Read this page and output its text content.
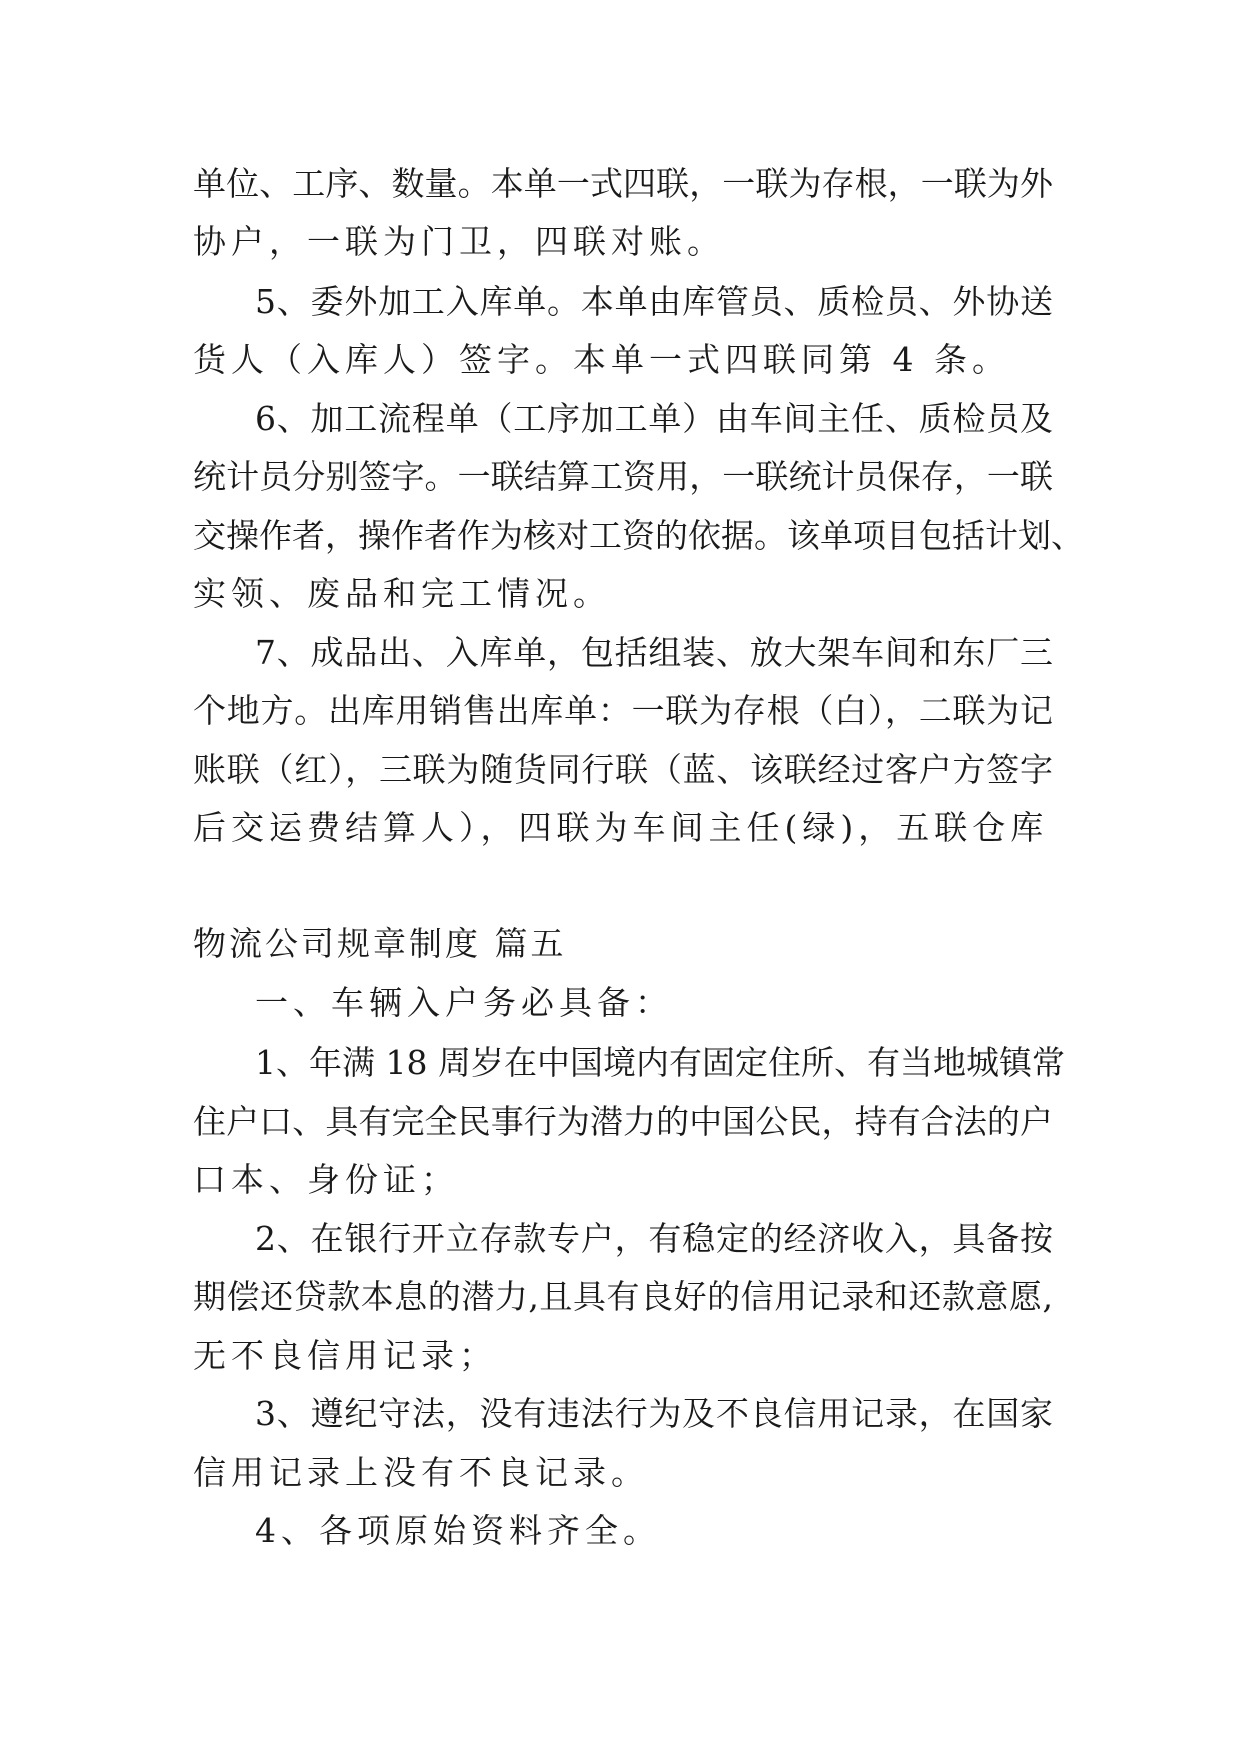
单位、工序、数量。本单一式四联，一联为存根，一联为外
协户，一联为门卫，四联对账。
5、委外加工入库单。本单由库管员、质检员、外协送
货人（入库人）签字。本单一式四联同第 4 条。
6、加工流程单（工序加工单）由车间主任、质检员及
统计员分别签字。一联结算工资用，一联统计员保存，一联
交操作者，操作者作为核对工资的依据。该单项目包括计划、
实领、废品和完工情况。
7、成品出、入库单，包括组装、放大架车间和东厂三
个地方。出库用销售出库单：一联为存根（白），二联为记
账联（红），三联为随货同行联（蓝、该联经过客户方签字
后交运费结算人），四联为车间主任(绿)，五联仓库
物流公司规章制度 篇五
一、车辆入户务必具备：
1、年满 18 周岁在中国境内有固定住所、有当地城镇常
住户口、具有完全民事行为潜力的中国公民，持有合法的户
口本、身份证；
2、在银行开立存款专户，有稳定的经济收入，具备按
期偿还贷款本息的潜力,且具有良好的信用记录和还款意愿,
无不良信用记录；
3、遵纪守法，没有违法行为及不良信用记录，在国家
信用记录上没有不良记录。
4、各项原始资料齐全。
